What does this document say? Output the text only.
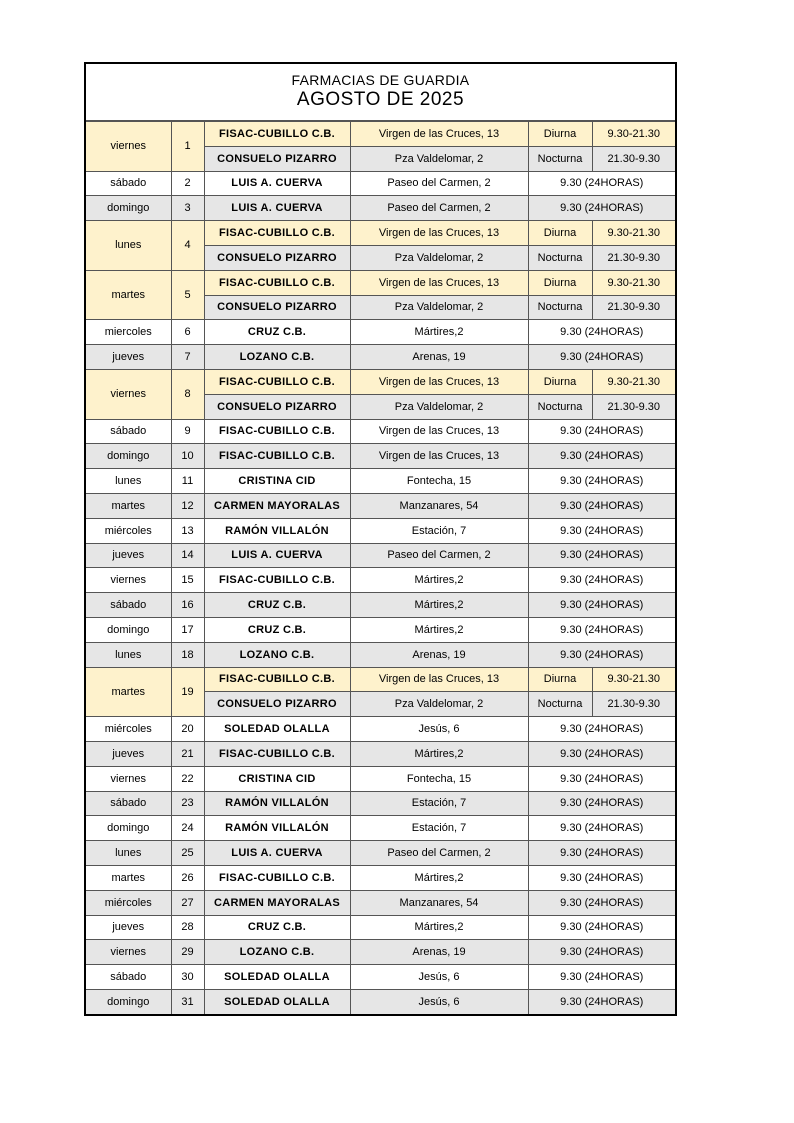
FARMACIAS DE GUARDIA
AGOSTO DE 2025
viernes	1	FISAC-CUBILLO C.B.	Virgen de las Cruces, 13	Diurna	9.30-21.30
		CONSUELO PIZARRO	Pza Valdelomar, 2	Nocturna	21.30-9.30
sábado	2	LUIS A. CUERVA	Paseo del Carmen, 2	9.30 (24HORAS)	
domingo	3	LUIS A. CUERVA	Paseo del Carmen, 2	9.30 (24HORAS)	
lunes	4	FISAC-CUBILLO C.B.	Virgen de las Cruces, 13	Diurna	9.30-21.30
		CONSUELO PIZARRO	Pza Valdelomar, 2	Nocturna	21.30-9.30
martes	5	FISAC-CUBILLO C.B.	Virgen de las Cruces, 13	Diurna	9.30-21.30
		CONSUELO PIZARRO	Pza Valdelomar, 2	Nocturna	21.30-9.30
miercoles	6	CRUZ C.B.	Mártires,2	9.30 (24HORAS)	
jueves	7	LOZANO C.B.	Arenas, 19	9.30 (24HORAS)	
viernes	8	FISAC-CUBILLO C.B.	Virgen de las Cruces, 13	Diurna	9.30-21.30
		CONSUELO PIZARRO	Pza Valdelomar, 2	Nocturna	21.30-9.30
sábado	9	FISAC-CUBILLO C.B.	Virgen de las Cruces, 13	9.30 (24HORAS)	
domingo	10	FISAC-CUBILLO C.B.	Virgen de las Cruces, 13	9.30 (24HORAS)	
lunes	11	CRISTINA CID	Fontecha, 15	9.30 (24HORAS)	
martes	12	CARMEN MAYORALAS	Manzanares, 54	9.30 (24HORAS)	
miércoles	13	RAMÓN VILLALÓN	Estación, 7	9.30 (24HORAS)	
jueves	14	LUIS A. CUERVA	Paseo del Carmen, 2	9.30 (24HORAS)	
viernes	15	FISAC-CUBILLO C.B.	Mártires,2	9.30 (24HORAS)	
sábado	16	CRUZ C.B.	Mártires,2	9.30 (24HORAS)	
domingo	17	CRUZ C.B.	Mártires,2	9.30 (24HORAS)	
lunes	18	LOZANO C.B.	Arenas, 19	9.30 (24HORAS)	
martes	19	FISAC-CUBILLO C.B.	Virgen de las Cruces, 13	Diurna	9.30-21.30
		CONSUELO PIZARRO	Pza Valdelomar, 2	Nocturna	21.30-9.30
miércoles	20	SOLEDAD OLALLA	Jesús, 6	9.30 (24HORAS)	
jueves	21	FISAC-CUBILLO C.B.	Mártires,2	9.30 (24HORAS)	
viernes	22	CRISTINA CID	Fontecha, 15	9.30 (24HORAS)	
sábado	23	RAMÓN VILLALÓN	Estación, 7	9.30 (24HORAS)	
domingo	24	RAMÓN VILLALÓN	Estación, 7	9.30 (24HORAS)	
lunes	25	LUIS A. CUERVA	Paseo del Carmen, 2	9.30 (24HORAS)	
martes	26	FISAC-CUBILLO C.B.	Mártires,2	9.30 (24HORAS)	
miércoles	27	CARMEN MAYORALAS	Manzanares, 54	9.30 (24HORAS)	
jueves	28	CRUZ C.B.	Mártires,2	9.30 (24HORAS)	
viernes	29	LOZANO C.B.	Arenas, 19	9.30 (24HORAS)	
sábado	30	SOLEDAD OLALLA	Jesús, 6	9.30 (24HORAS)	
domingo	31	SOLEDAD OLALLA	Jesús, 6	9.30 (24HORAS)	
